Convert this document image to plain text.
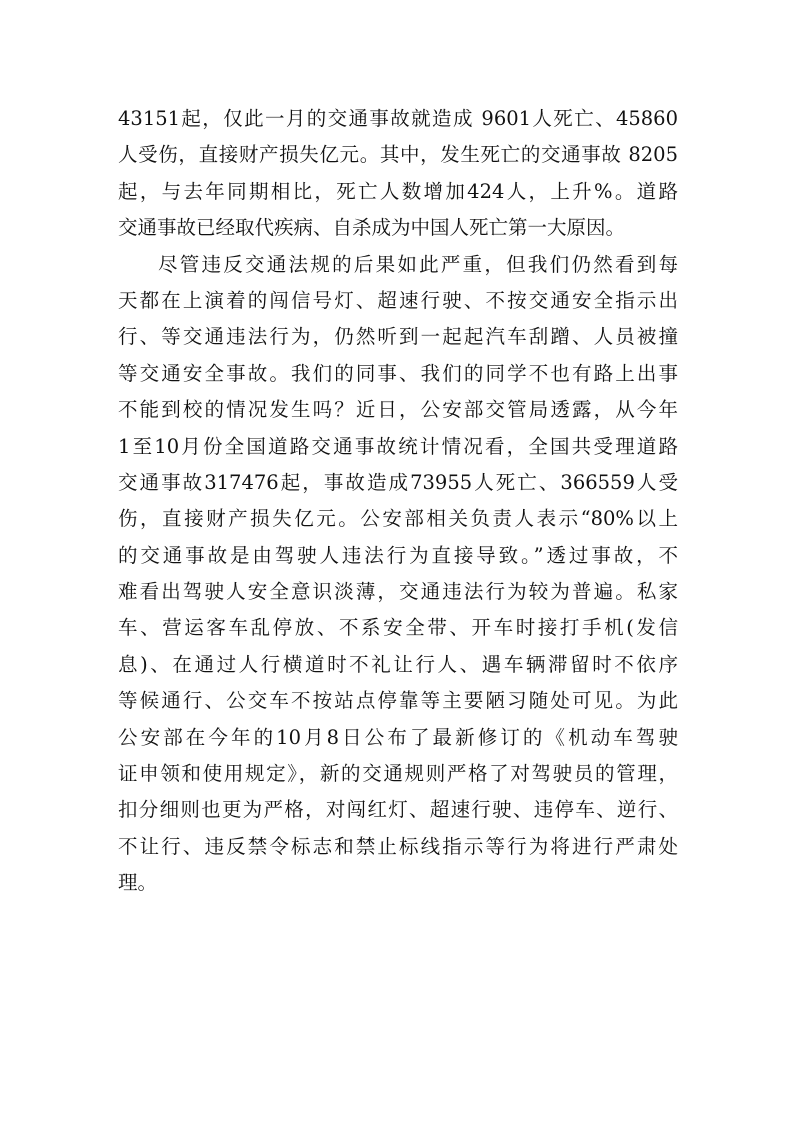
43151起，仅此一月的交通事故就造成 9601人死亡、45860
人受伤，直接财产损失亿元。其中，发生死亡的交通事故 8205
起，与去年同期相比，死亡人数增加424人，上升%。道路
交通事故已经取代疾病、自杀成为中国人死亡第一大原因。
尽管违反交通法规的后果如此严重，但我们仍然看到每
天都在上演着的闯信号灯、超速行驶、不按交通安全指示出
行、等交通违法行为，仍然听到一起起汽车刮蹭、人员被撞
等交通安全事故。我们的同事、我们的同学不也有路上出事
不能到校的情况发生吗？近日，公安部交管局透露，从今年
1至10月份全国道路交通事故统计情况看，全国共受理道路
交通事故317476起，事故造成73955人死亡、366559人受
伤，直接财产损失亿元。公安部相关负责人表示“80%以上
的交通事故是由驾驶人违法行为直接导致。”透过事故，不
难看出驾驶人安全意识淡薄，交通违法行为较为普遍。私家
车、营运客车乱停放、不系安全带、开车时接打手机(发信
息)、在通过人行横道时不礼让行人、遇车辆滞留时不依序
等候通行、公交车不按站点停靠等主要陋习随处可见。为此
公安部在今年的10月8日公布了最新修订的《机动车驾驶
证申领和使用规定》，新的交通规则严格了对驾驶员的管理，
扣分细则也更为严格，对闯红灯、超速行驶、违停车、逆行、
不让行、违反禁令标志和禁止标线指示等行为将进行严肃处
理。
